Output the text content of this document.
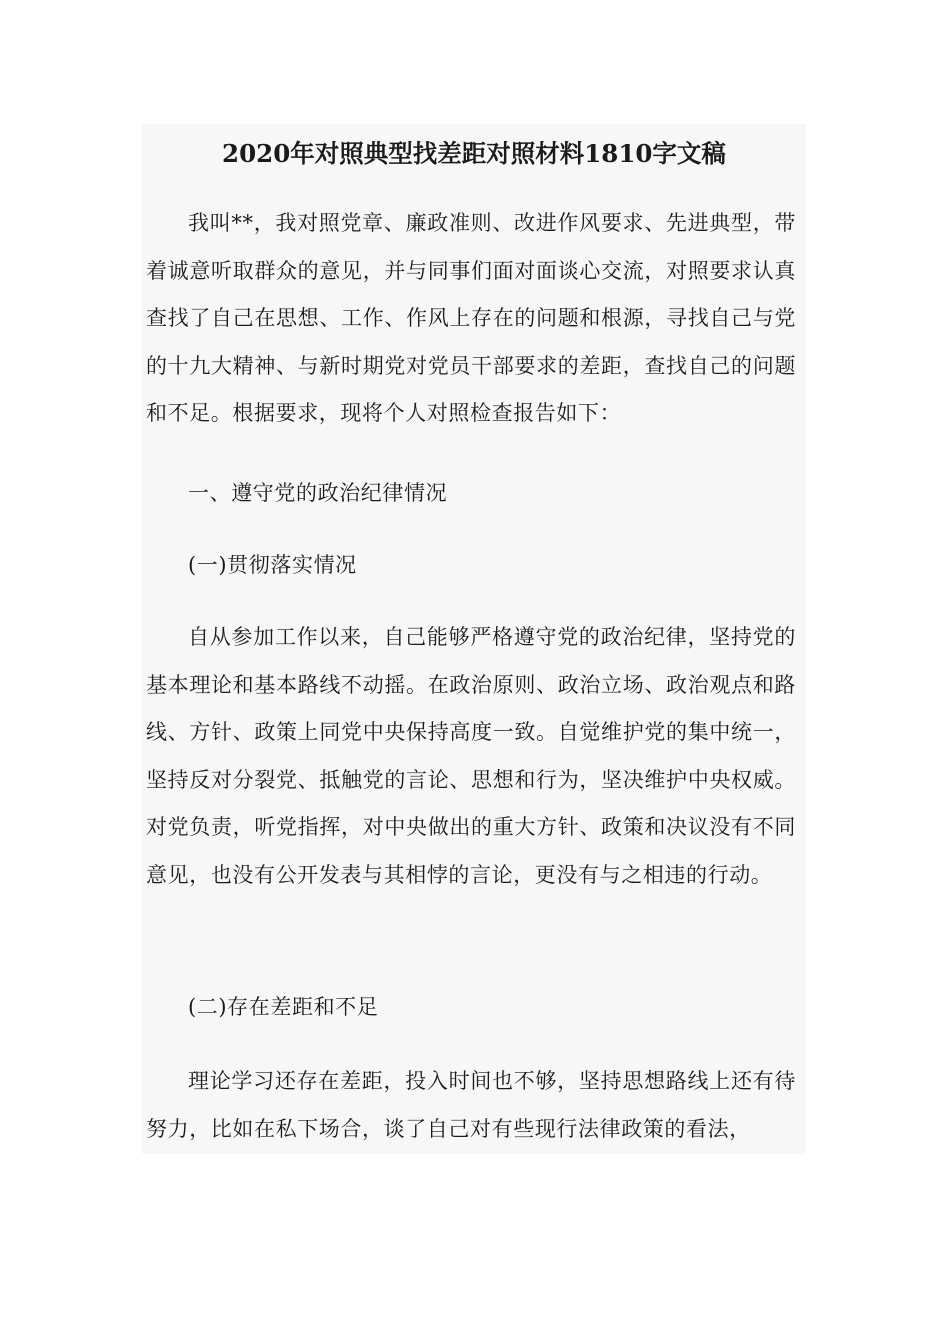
2020年对照典型找差距对照材料1810字文稿

我叫**，我对照党章、廉政准则、改进作风要求、先进典型，带着诚意听取群众的意见，并与同事们面对面谈心交流，对照要求认真查找了自己在思想、工作、作风上存在的问题和根源，寻找自己与党的十九大精神、与新时期党对党员干部要求的差距，查找自己的问题和不足。根据要求，现将个人对照检查报告如下：

一、遵守党的政治纪律情况

(一)贯彻落实情况

自从参加工作以来，自己能够严格遵守党的政治纪律，坚持党的基本理论和基本路线不动摇。在政治原则、政治立场、政治观点和路线、方针、政策上同党中央保持高度一致。自觉维护党的集中统一，坚持反对分裂党、抵触党的言论、思想和行为，坚决维护中央权威。对党负责，听党指挥，对中央做出的重大方针、政策和决议没有不同意见，也没有公开发表与其相悖的言论，更没有与之相违的行动。

(二)存在差距和不足

理论学习还存在差距，投入时间也不够，坚持思想路线上还有待努力，比如在私下场合，谈了自己对有些现行法律政策的看法，
